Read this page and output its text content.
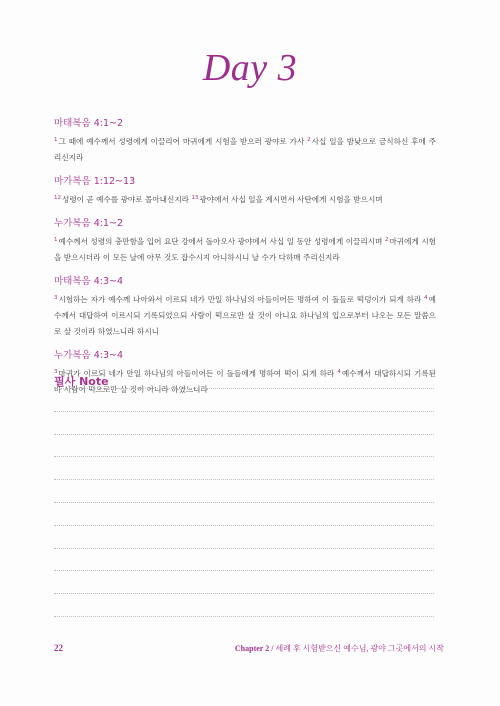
Day 3
마태복음 4:1~2
$^1$그 때에 예수께서 성령에게 이끌리어 마귀에게 시험을 받으러 광야로 가사 $^2$사십 일을 밤낮으로 금식하신 후에 주리신지라
마가복음 1:12~13
$^{12}$성령이 곧 예수를 광야로 몰아내신지라 $^{13}$광야에서 사십 일을 계시면서 사탄에게 시험을 받으시며
누가복음 4:1~2
$^1$예수께서 성령의 충만함을 입어 요단 강에서 돌아오사 광야에서 사십 일 동안 성령에게 이끌리시며 $^2$마귀에게 시험을 받으시더라 이 모든 날에 아무 것도 잡수시지 아니하시니 날 수가 다하매 주리신지라
마태복음 4:3~4
$^3$시험하는 자가 예수께 나아와서 이르되 네가 만일 하나님의 아들이어든 명하여 이 돌들로 떡덩이가 되게 하라 $^4$예수께서 대답하여 이르시되 기록되었으되 사람이 떡으로만 살 것이 아니요 하나님의 입으로부터 나오는 모든 말씀으로 살 것이라 하였느니라 하시니
누가복음 4:3~4
$^3$마귀가 이르되 네가 만일 하나님의 아들이어든 이 돌들에게 명하여 떡이 되게 하라 $^4$예수께서 대답하시되 기록된 바 사람이 떡으로만 살 것이 아니라 하였느니라
필사 Note
22	Chapter 2 / 세례 후 시험받으신 예수님, 광야 그곳에서의 시작
